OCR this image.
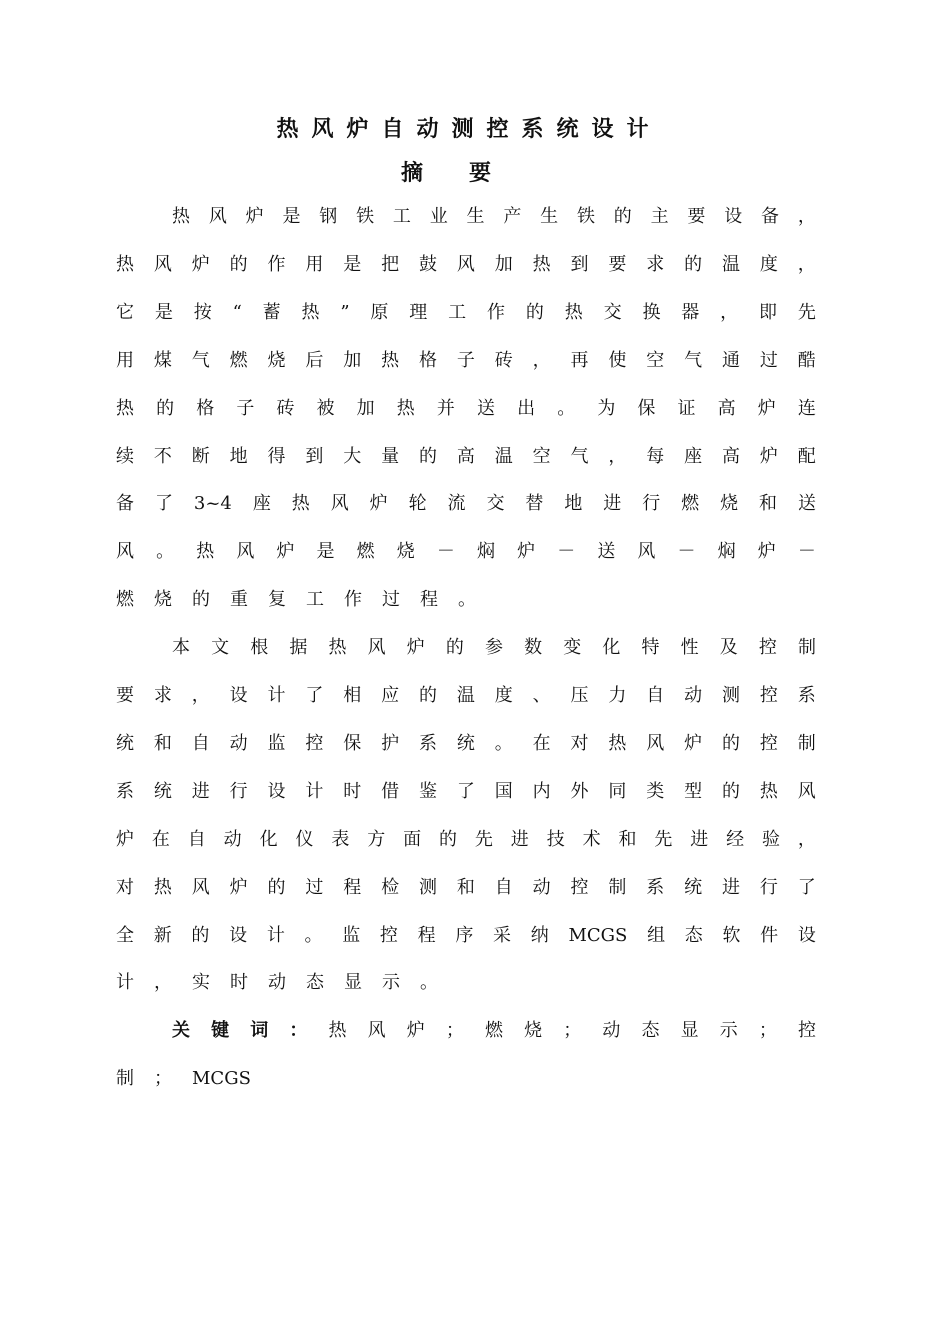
热风炉自动测控系统设计
摘要
热 风 炉 是 钢 铁 工 业 生 产 生 铁 的 主 要 设 备 ，
热 风 炉 的 作 用 是 把 鼓 风 加 热 到 要 求 的 温 度 ，
它 是 按 “ 蓄 热 ” 原 理 工 作 的 热 交 换 器 ， 即 先
用 煤 气 燃 烧 后 加 热 格 子 砖 ， 再 使 空 气 通 过 酷
热 的 格 子 砖 被 加 热 并 送 出 。 为 保 证 高 炉 连
续 不 断 地 得 到 大 量 的 高 温 空 气 ， 每 座 高 炉 配
备 了 3~4 座 热 风 炉 轮 流 交 替 地 进 行 燃 烧 和 送
风 。 热 风 炉 是 燃 烧 － 焖 炉 － 送 风 － 焖 炉 －
燃 烧 的 重 复 工 作 过 程 。
本 文 根 据 热 风 炉 的 参 数 变 化 特 性 及 控 制
要 求 ， 设 计 了 相 应 的 温 度 、 压 力 自 动 测 控 系
统 和 自 动 监 控 保 护 系 统 。 在 对 热 风 炉 的 控 制
系 统 进 行 设 计 时 借 鉴 了 国 内 外 同 类 型 的 热 风
炉 在 自 动 化 仪 表 方 面 的 先 进 技 术 和 先 进 经 验 ，
对 热 风 炉 的 过 程 检 测 和 自 动 控 制 系 统 进 行 了
全 新 的 设 计 。 监 控 程 序 采 纳 MCGS 组 态 软 件 设
计 ， 实 时 动 态 显 示 。
关 键 词 ： 热 风 炉 ； 燃 烧 ； 动 态 显 示 ； 控
制 ； MCGS
